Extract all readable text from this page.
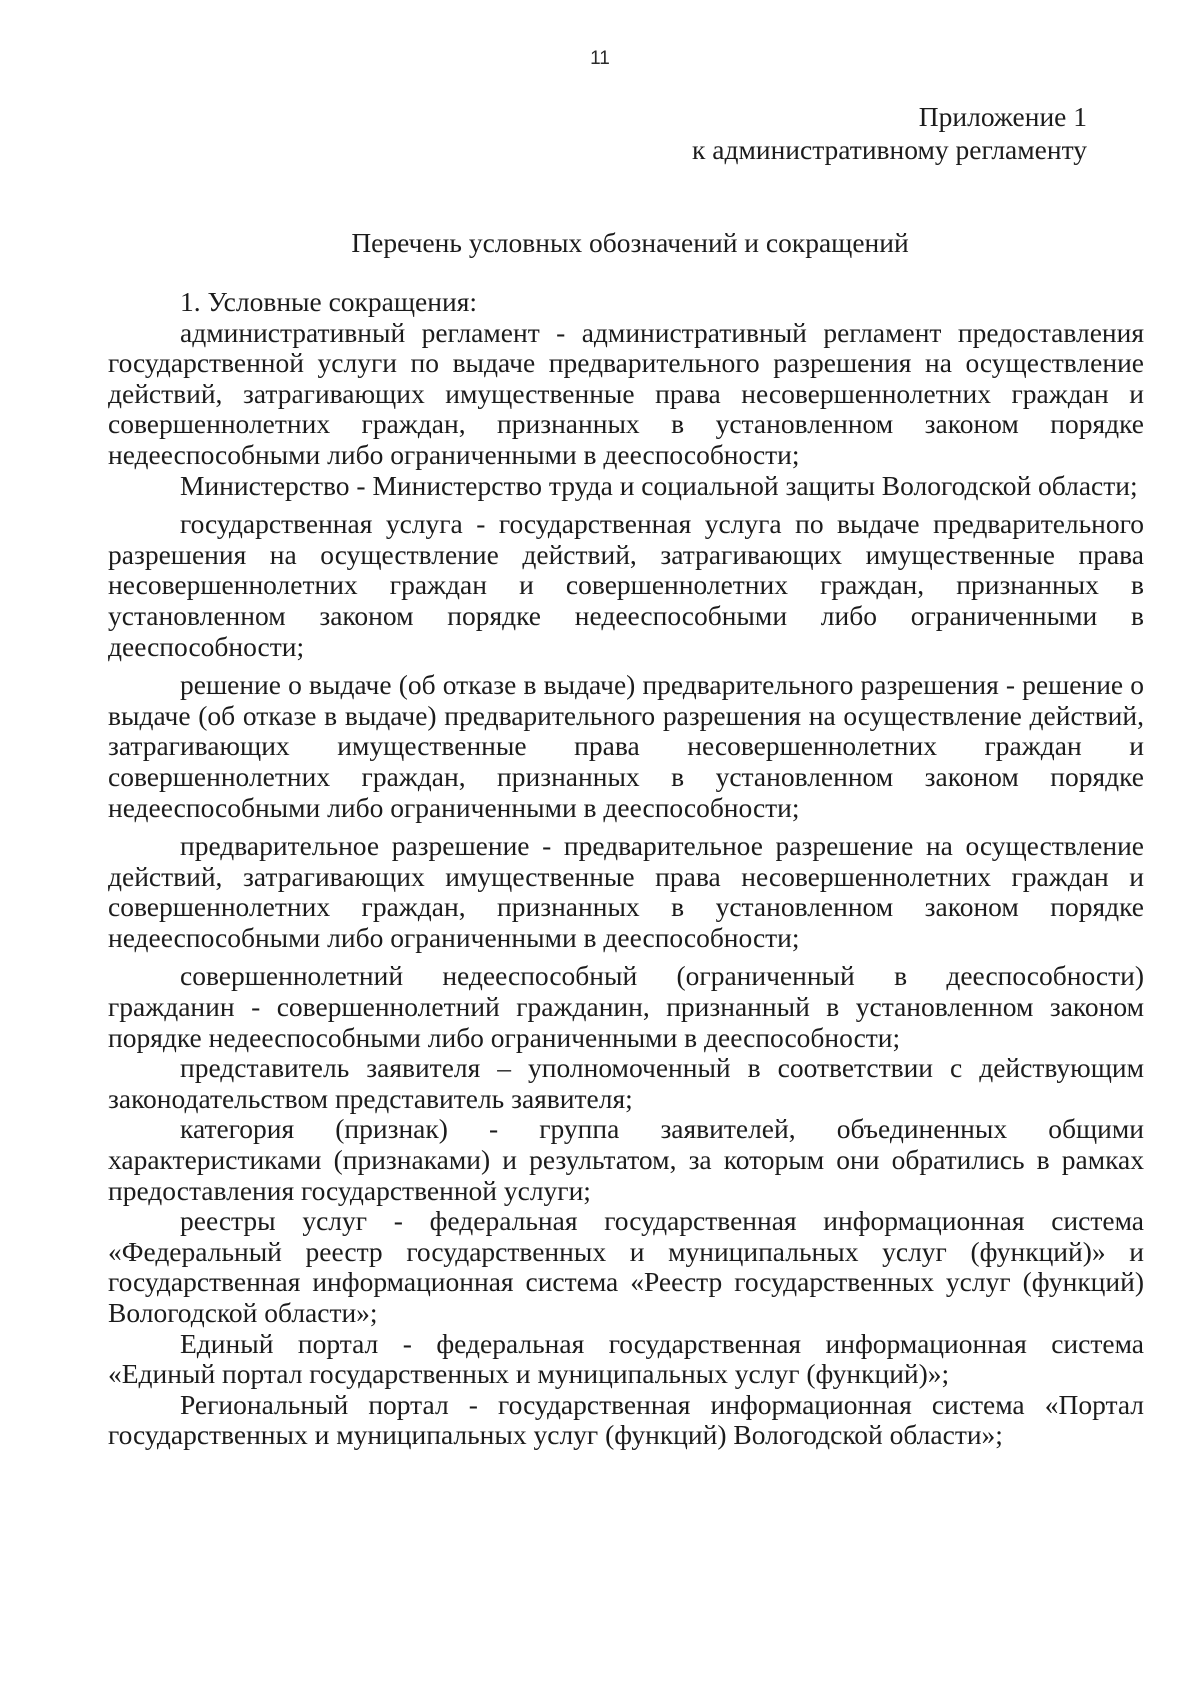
11
Приложение 1
к административному регламенту
Перечень условных обозначений и сокращений

1. Условные сокращения:

административный регламент - административный регламент предоставления государственной услуги по выдаче предварительного разрешения на осуществление действий, затрагивающих имущественные права несовершеннолетних граждан и совершеннолетних граждан, признанных в установленном законом порядке недееспособными либо ограниченными в дееспособности;

Министерство - Министерство труда и социальной защиты Вологодской области;

государственная услуга - государственная услуга по выдаче предварительного разрешения на осуществление действий, затрагивающих имущественные права несовершеннолетних граждан и совершеннолетних граждан, признанных в установленном законом порядке недееспособными либо ограниченными в дееспособности;

решение о выдаче (об отказе в выдаче) предварительного разрешения - решение о выдаче (об отказе в выдаче) предварительного разрешения на осуществление действий, затрагивающих имущественные права несовершеннолетних граждан и совершеннолетних граждан, признанных в установленном законом порядке недееспособными либо ограниченными в дееспособности;

предварительное разрешение - предварительное разрешение на осуществление действий, затрагивающих имущественные права несовершеннолетних граждан и совершеннолетних граждан, признанных в установленном законом порядке недееспособными либо ограниченными в дееспособности;

совершеннолетний недееспособный (ограниченный в дееспособности) гражданин - совершеннолетний гражданин, признанный в установленном законом порядке недееспособными либо ограниченными в дееспособности;

представитель заявителя – уполномоченный в соответствии с действующим законодательством представитель заявителя;

категория (признак) - группа заявителей, объединенных общими характеристиками (признаками) и результатом, за которым они обратились в рамках предоставления государственной услуги;

реестры услуг - федеральная государственная информационная система «Федеральный реестр государственных и муниципальных услуг (функций)» и государственная информационная система «Реестр государственных услуг (функций) Вологодской области»;

Единый портал - федеральная государственная информационная система «Единый портал государственных и муниципальных услуг (функций)»;

Региональный портал - государственная информационная система «Портал государственных и муниципальных услуг (функций) Вологодской области»;
